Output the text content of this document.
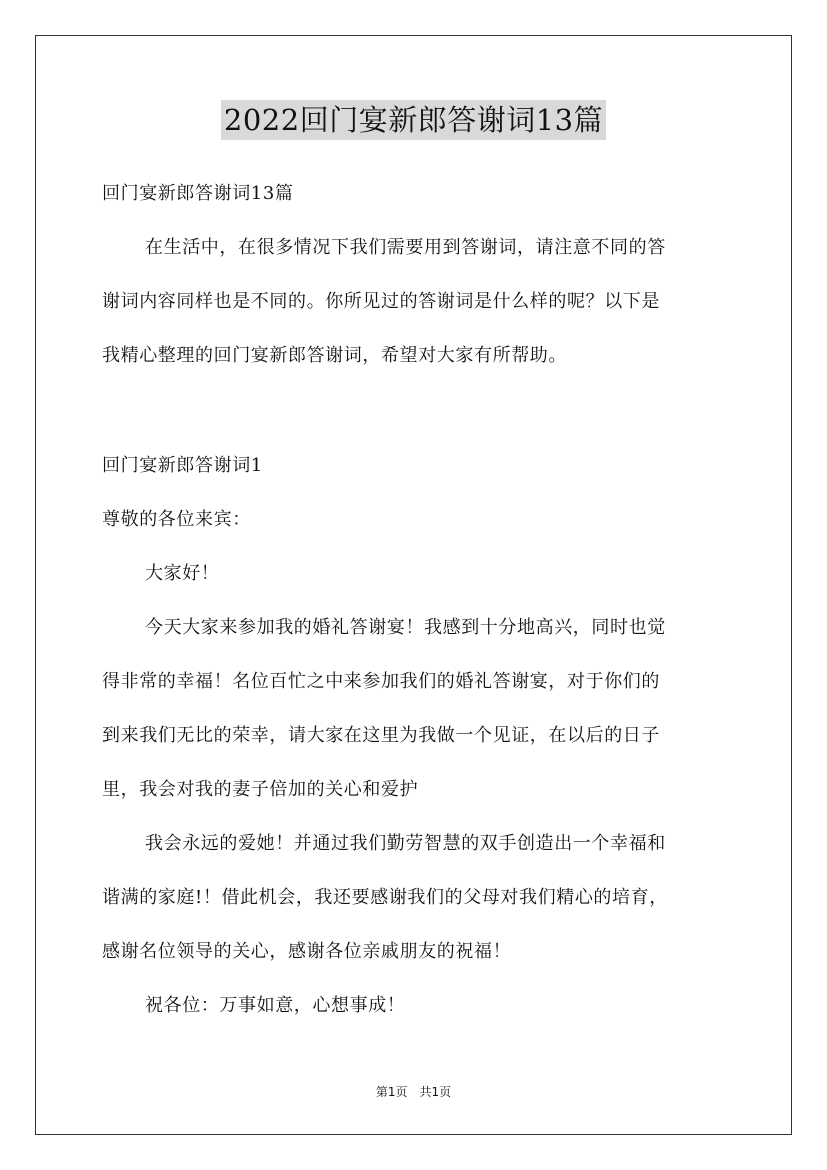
2022回门宴新郎答谢词13篇
回门宴新郎答谢词13篇
在生活中，在很多情况下我们需要用到答谢词，请注意不同的答
谢词内容同样也是不同的。你所见过的答谢词是什么样的呢？以下是
我精心整理的回门宴新郎答谢词，希望对大家有所帮助。
回门宴新郎答谢词1
尊敬的各位来宾：
大家好！
今天大家来参加我的婚礼答谢宴！我感到十分地高兴，同时也觉
得非常的幸福！名位百忙之中来参加我们的婚礼答谢宴，对于你们的
到来我们无比的荣幸，请大家在这里为我做一个见证，在以后的日子
里，我会对我的妻子倍加的关心和爱护
我会永远的爱她！并通过我们勤劳智慧的双手创造出一个幸福和
谐满的家庭!！借此机会，我还要感谢我们的父母对我们精心的培育，
感谢名位领导的关心，感谢各位亲戚朋友的祝福！
祝各位：万事如意，心想事成！
第1页　共1页
